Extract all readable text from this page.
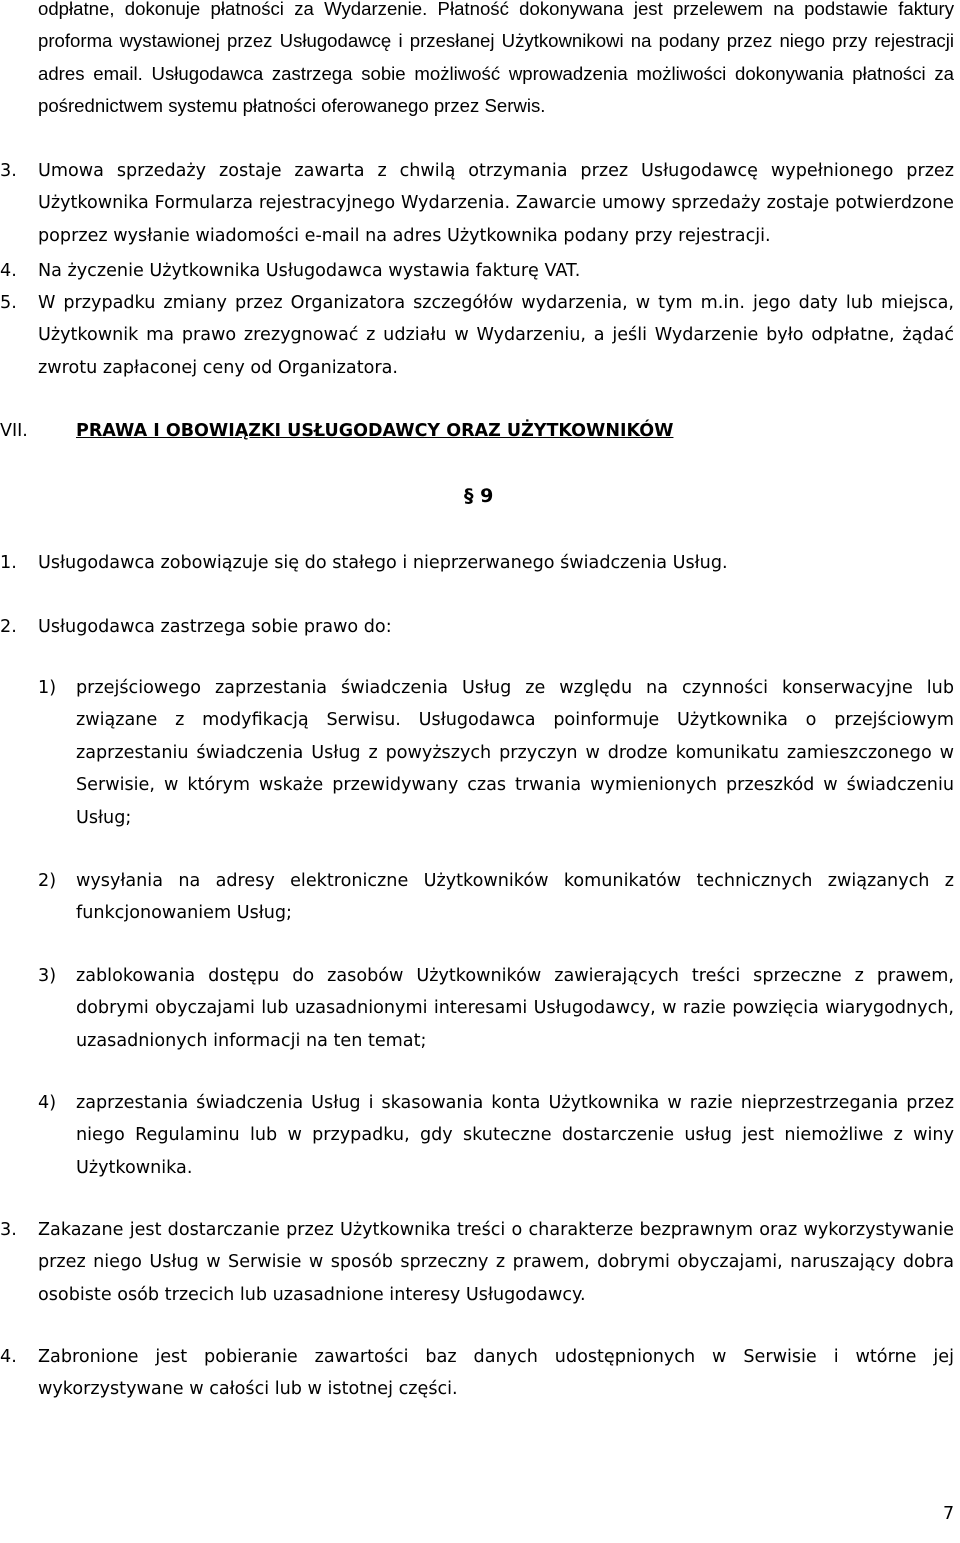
odpłatne, dokonuje płatności za Wydarzenie. Płatność dokonywana jest przelewem na podstawie faktury proforma wystawionej przez Usługodawcę i przesłanej Użytkownikowi na podany przez niego przy rejestracji adres email. Usługodawca zastrzega sobie możliwość wprowadzenia możliwości dokonywania płatności za pośrednictwem systemu płatności oferowanego przez Serwis.
3. Umowa sprzedaży zostaje zawarta z chwilą otrzymania przez Usługodawcę wypełnionego przez Użytkownika Formularza rejestracyjnego Wydarzenia. Zawarcie umowy sprzedaży zostaje potwierdzone poprzez wysłanie wiadomości e-mail na adres Użytkownika podany przy rejestracji.
4. Na życzenie Użytkownika Usługodawca wystawia fakturę VAT.
5. W przypadku zmiany przez Organizatora szczegółów wydarzenia, w tym m.in. jego daty lub miejsca, Użytkownik ma prawo zrezygnować z udziału w Wydarzeniu, a jeśli Wydarzenie było odpłatne, żądać zwrotu zapłaconej ceny od Organizatora.
VII.	PRAWA I OBOWIĄZKI USŁUGODAWCY ORAZ UŻYTKOWNIKÓW
§ 9
1. Usługodawca zobowiązuje się do stałego i nieprzerwanego świadczenia Usług.
2. Usługodawca zastrzega sobie prawo do:
1) przejściowego zaprzestania świadczenia Usług ze względu na czynności konserwacyjne lub związane z modyfikacją Serwisu. Usługodawca poinformuje Użytkownika o przejściowym zaprzestaniu świadczenia Usług z powyższych przyczyn w drodze komunikatu zamieszczonego w Serwisie, w którym wskaże przewidywany czas trwania wymienionych przeszkód w świadczeniu Usług;
2) wysyłania na adresy elektroniczne Użytkowników komunikatów technicznych związanych z funkcjonowaniem Usług;
3) zablokowania dostępu do zasobów Użytkowników zawierających treści sprzeczne z prawem, dobrymi obyczajami lub uzasadnionymi interesami Usługodawcy, w razie powzięcia wiarygodnych, uzasadnionych informacji na ten temat;
4) zaprzestania świadczenia Usług i skasowania konta Użytkownika w razie nieprzestrzegania przez niego Regulaminu lub w przypadku, gdy skuteczne dostarczenie usług jest niemożliwe z winy Użytkownika.
3. Zakazane jest dostarczanie przez Użytkownika treści o charakterze bezprawnym oraz wykorzystywanie przez niego Usług w Serwisie w sposób sprzeczny z prawem, dobrymi obyczajami, naruszający dobra osobiste osób trzecich lub uzasadnione interesy Usługodawcy.
4. Zabronione jest pobieranie zawartości baz danych udostępnionych w Serwisie i wtórne jej wykorzystywane w całości lub w istotnej części.
7
